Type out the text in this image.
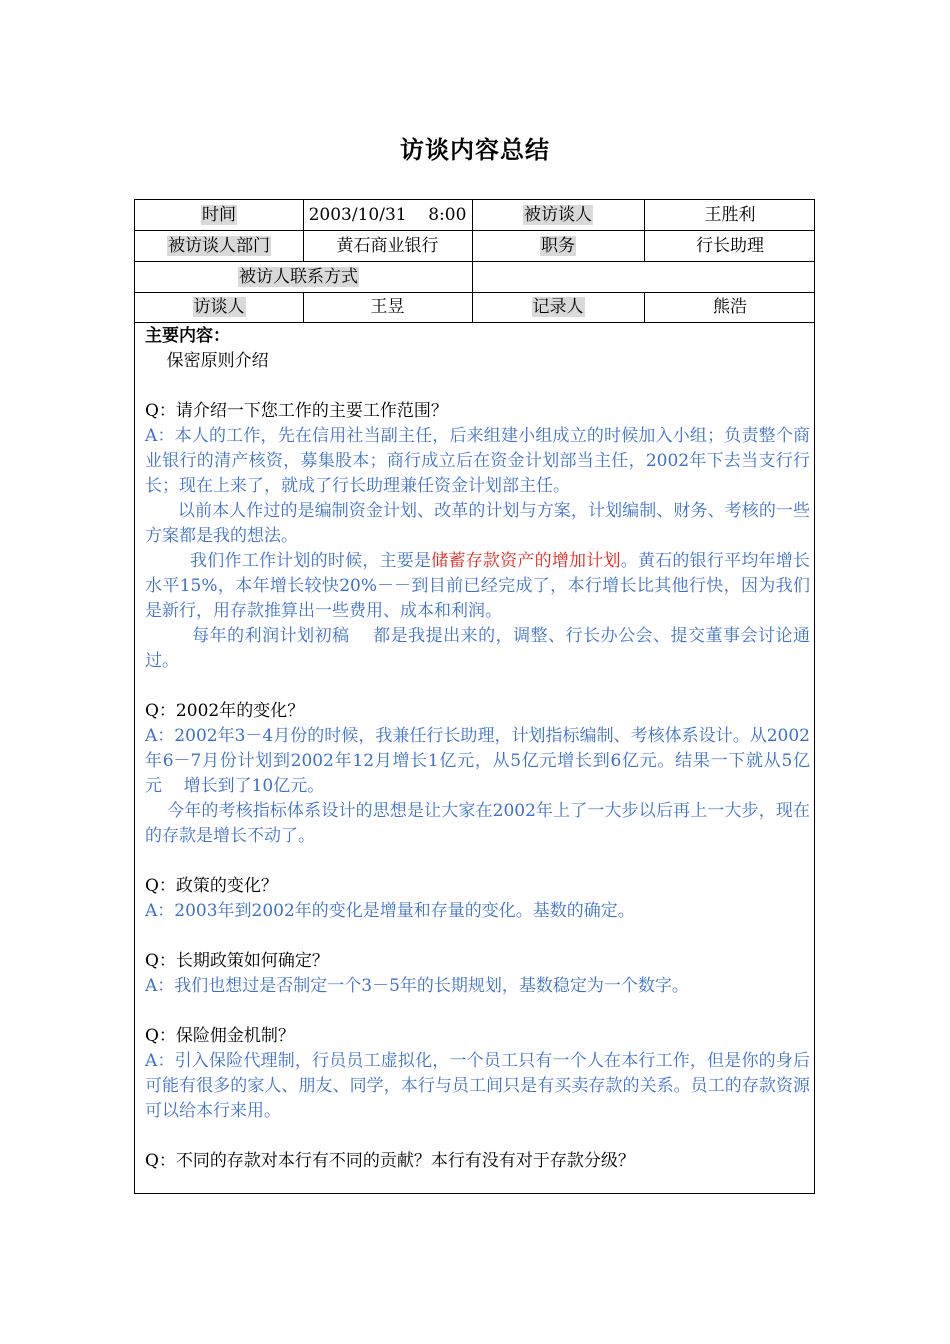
访谈内容总结
时间	2003/10/31    8:00	被访谈人	王胜利
被访谈人部门	黄石商业银行	职务	行长助理
被访人联系方式
访谈人	王昱	记录人	熊浩

主要内容：

保密原则介绍

Q：请介绍一下您工作的主要工作范围？

A：本人的工作，先在信用社当副主任，后来组建小组成立的时候加入小组；负责整个商业银行的清产核资，募集股本；商行成立后在资金计划部当主任，2002年下去当支行行长；现在上来了，就成了行长助理兼任资金计划部主任。

以前本人作过的是编制资金计划、改革的计划与方案，计划编制、财务、考核的一些方案都是我的想法。

我们作工作计划的时候，主要是储蓄存款资产的增加计划。黄石的银行平均年增长水平15%，本年增长较快20%－－到目前已经完成了，本行增长比其他行快，因为我们是新行，用存款推算出一些费用、成本和利润。

每年的利润计划初稿    都是我提出来的，调整、行长办公会、提交董事会讨论通过。

Q：2002年的变化？

A：2002年3－4月份的时候，我兼任行长助理，计划指标编制、考核体系设计。从2002年6－7月份计划到2002年12月增长1亿元，从5亿元增长到6亿元。结果一下就从5亿元    增长到了10亿元。

今年的考核指标体系设计的思想是让大家在2002年上了一大步以后再上一大步，现在的存款是增长不动了。

Q：政策的变化？

A：2003年到2002年的变化是增量和存量的变化。基数的确定。

Q：长期政策如何确定？

A：我们也想过是否制定一个3－5年的长期规划，基数稳定为一个数字。

Q：保险佣金机制？

A：引入保险代理制，行员员工虚拟化，一个员工只有一个人在本行工作，但是你的身后可能有很多的家人、朋友、同学，本行与员工间只是有买卖存款的关系。员工的存款资源可以给本行来用。

Q：不同的存款对本行有不同的贡献？本行有没有对于存款分级？
